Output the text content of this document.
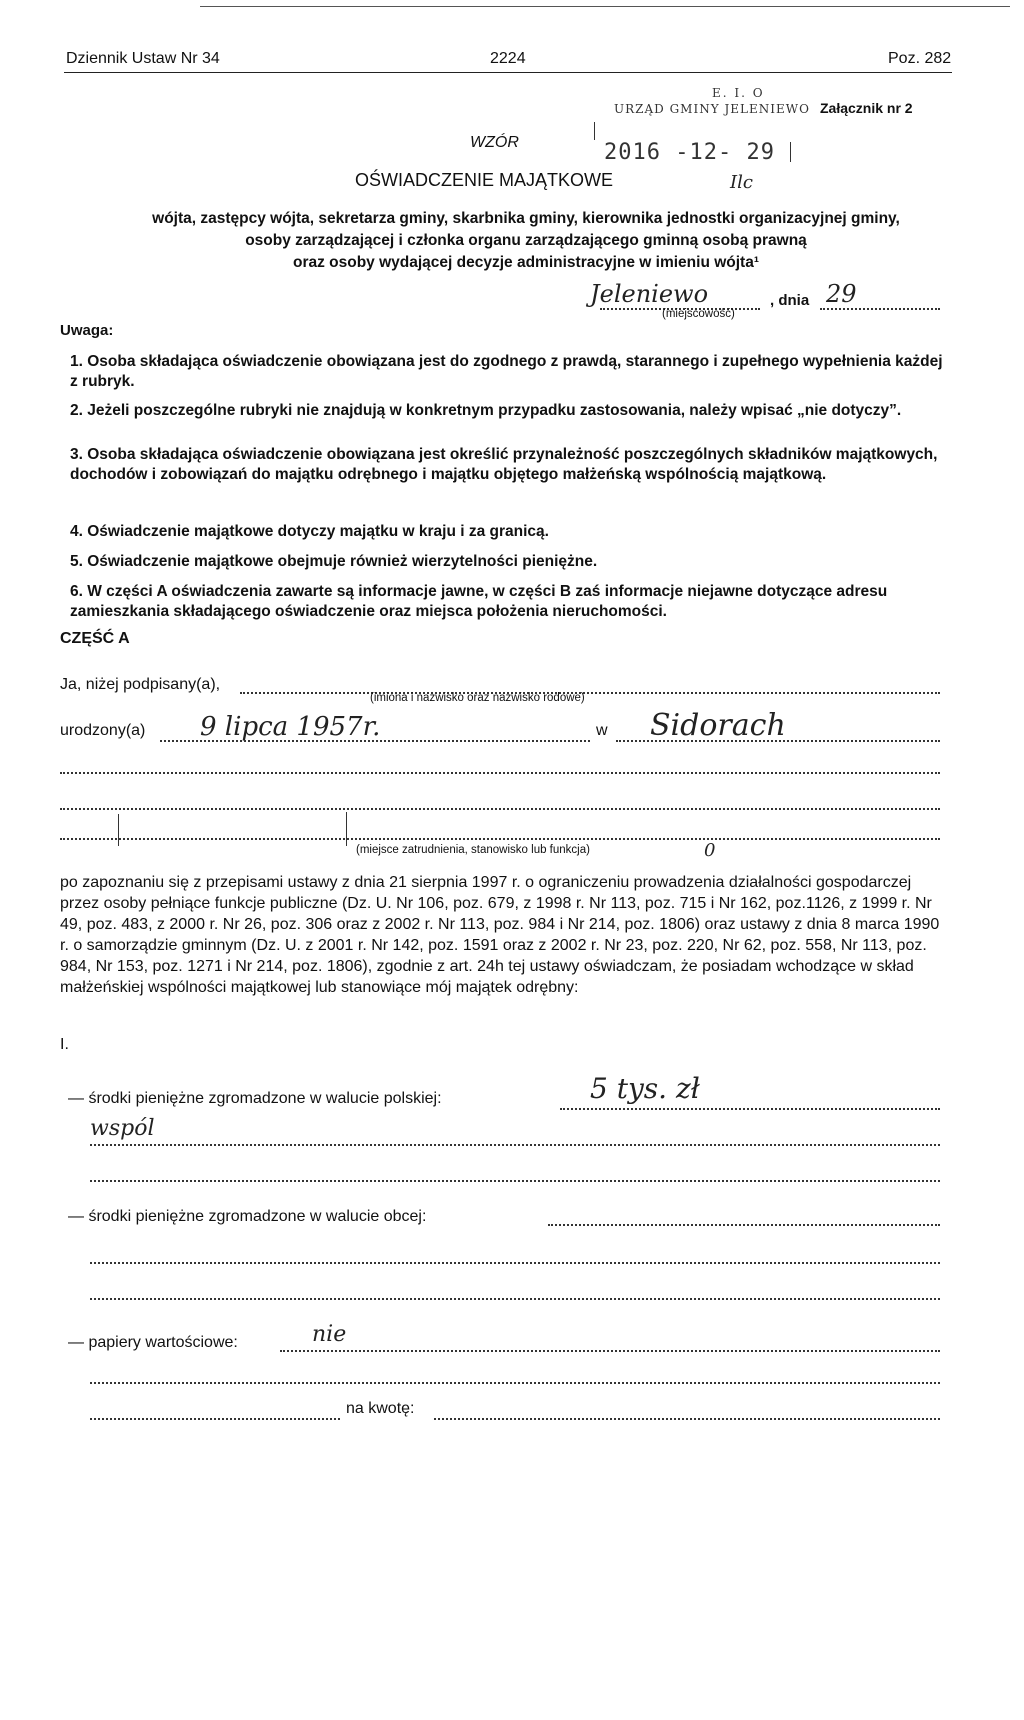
Dziennik Ustaw Nr 34	2224	Poz. 282
E. I. O
URZĄD GMINY JELENIEWO
2016 -12- 29
Ilc
Załącznik nr 2
WZÓR
OŚWIADCZENIE MAJĄTKOWE
wójta, zastępcy wójta, sekretarza gminy, skarbnika gminy, kierownika jednostki organizacyjnej gminy,
osoby zarządzającej i członka organu zarządzającego gminną osobą prawną
oraz osoby wydającej decyzje administracyjne w imieniu wójta¹
Jeleniewo	, dnia 29
(miejscowość)
Uwaga:
1. Osoba składająca oświadczenie obowiązana jest do zgodnego z prawdą, starannego i zupełnego wypełnienia każdej z rubryk.
2. Jeżeli poszczególne rubryki nie znajdują w konkretnym przypadku zastosowania, należy wpisać „nie dotyczy”.
3. Osoba składająca oświadczenie obowiązana jest określić przynależność poszczególnych składników majątkowych, dochodów i zobowiązań do majątku odrębnego i majątku objętego małżeńską wspólnością majątkową.
4. Oświadczenie majątkowe dotyczy majątku w kraju i za granicą.
5. Oświadczenie majątkowe obejmuje również wierzytelności pieniężne.
6. W części A oświadczenia zawarte są informacje jawne, w części B zaś informacje niejawne dotyczące adresu zamieszkania składającego oświadczenie oraz miejsca położenia nieruchomości.
CZĘŚĆ A
Ja, niżej podpisany(a),
(imiona i nazwisko oraz nazwisko rodowe)
urodzony(a) 9 lipca 1957r.	w Sidorach
(miejsce zatrudnienia, stanowisko lub funkcja)	0
po zapoznaniu się z przepisami ustawy z dnia 21 sierpnia 1997 r. o ograniczeniu prowadzenia działalności gospodarczej przez osoby pełniące funkcje publiczne (Dz. U. Nr 106, poz. 679, z 1998 r. Nr 113, poz. 715 i Nr 162, poz.1126, z 1999 r. Nr 49, poz. 483, z 2000 r. Nr 26, poz. 306 oraz z 2002 r. Nr 113, poz. 984 i Nr 214, poz. 1806) oraz ustawy z dnia 8 marca 1990 r. o samorządzie gminnym (Dz. U. z 2001 r. Nr 142, poz. 1591 oraz z 2002 r. Nr 23, poz. 220, Nr 62, poz. 558, Nr 113, poz. 984, Nr 153, poz. 1271 i Nr 214, poz. 1806), zgodnie z art. 24h tej ustawy oświadczam, że posiadam wchodzące w skład małżeńskiej wspólności majątkowej lub stanowiące mój majątek odrębny:
I.
— środki pieniężne zgromadzone w walucie polskiej:	5 tys. zł
wspól
— środki pieniężne zgromadzone w walucie obcej:
— papiery wartościowe:	nie
na kwotę:
